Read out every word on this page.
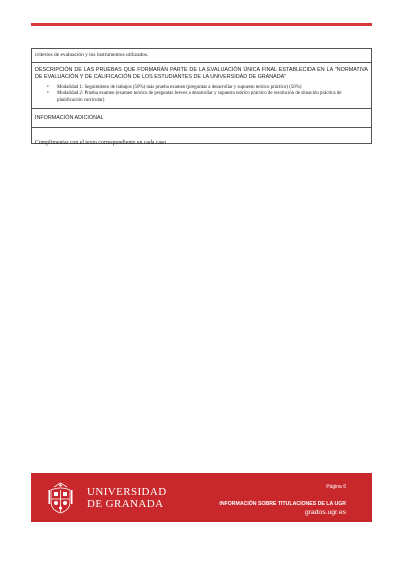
criterios de evaluación y los instrumentos utilizados.
DESCRIPCIÓN DE LAS PRUEBAS QUE FORMARÁN PARTE DE LA EVALUACIÓN ÚNICA FINAL ESTABLECIDA EN LA "NORMATIVA DE EVALUACIÓN Y DE CALIFICACIÓN DE LOS ESTUDIANTES DE LA UNIVERSIDAD DE GRANADA"
• Modalidad 1: Seguimiento de trabajos (50%) más prueba examen (preguntas a desarrollar y supuesto teórico práctico) (50%)
• Modalidad 2: Prueba examen (examen teórico de preguntas breves a desarrollar y supuesto teórico práctico de resolución de situación práctica de planificación curricular)
INFORMACIÓN ADICIONAL
Cumplimentar con el texto correspondiente en cada caso
UNIVERSIDAD
DE GRANADA
Página 6
INFORMACIÓN SOBRE TITULACIONES DE LA UGR
grados.ugr.es
